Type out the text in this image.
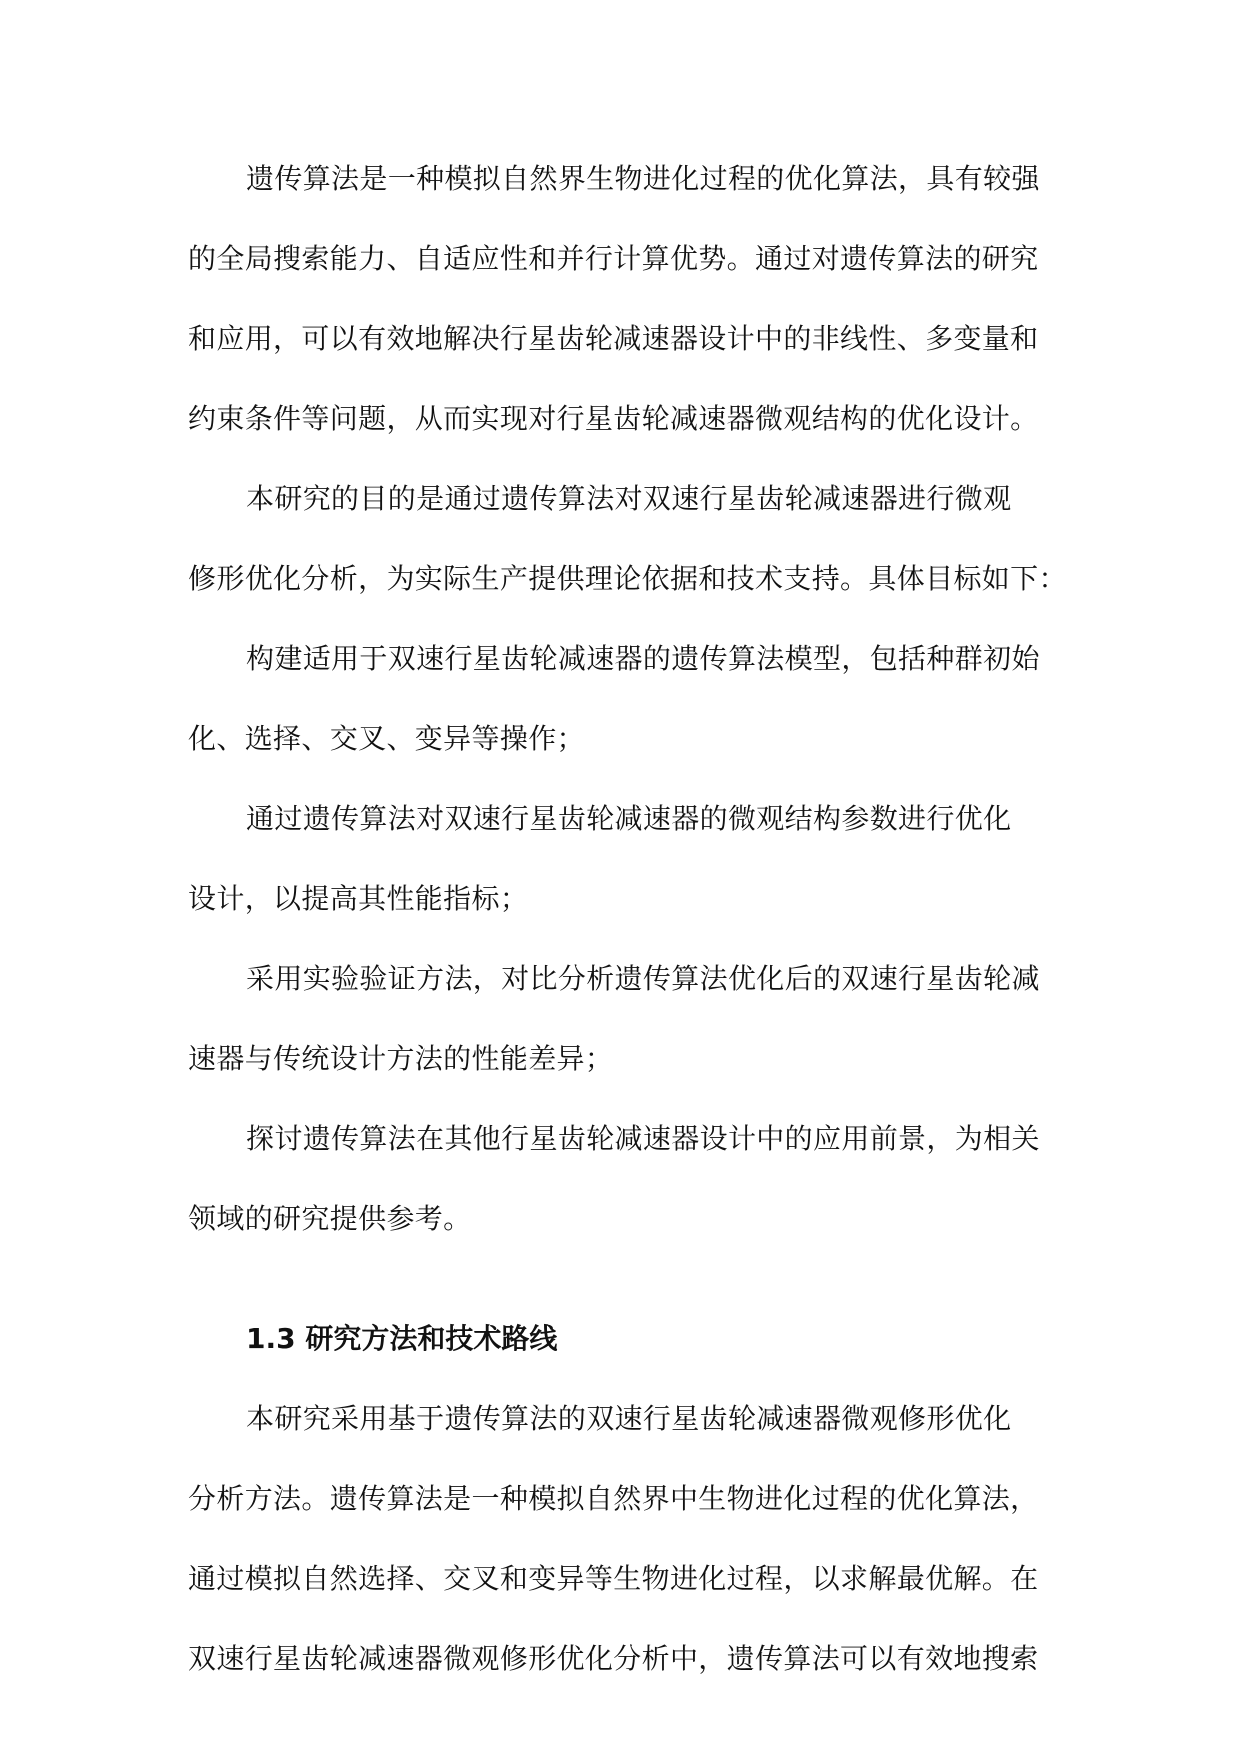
遗传算法是一种模拟自然界生物进化过程的优化算法，具有较强
的全局搜索能力、自适应性和并行计算优势。通过对遗传算法的研究
和应用，可以有效地解决行星齿轮减速器设计中的非线性、多变量和
约束条件等问题，从而实现对行星齿轮减速器微观结构的优化设计。
本研究的目的是通过遗传算法对双速行星齿轮减速器进行微观
修形优化分析，为实际生产提供理论依据和技术支持。具体目标如下：
构建适用于双速行星齿轮减速器的遗传算法模型，包括种群初始
化、选择、交叉、变异等操作；
通过遗传算法对双速行星齿轮减速器的微观结构参数进行优化
设计，以提高其性能指标；
采用实验验证方法，对比分析遗传算法优化后的双速行星齿轮减
速器与传统设计方法的性能差异；
探讨遗传算法在其他行星齿轮减速器设计中的应用前景，为相关
领域的研究提供参考。
1.3 研究方法和技术路线
本研究采用基于遗传算法的双速行星齿轮减速器微观修形优化
分析方法。遗传算法是一种模拟自然界中生物进化过程的优化算法，
通过模拟自然选择、交叉和变异等生物进化过程，以求解最优解。在
双速行星齿轮减速器微观修形优化分析中，遗传算法可以有效地搜索
